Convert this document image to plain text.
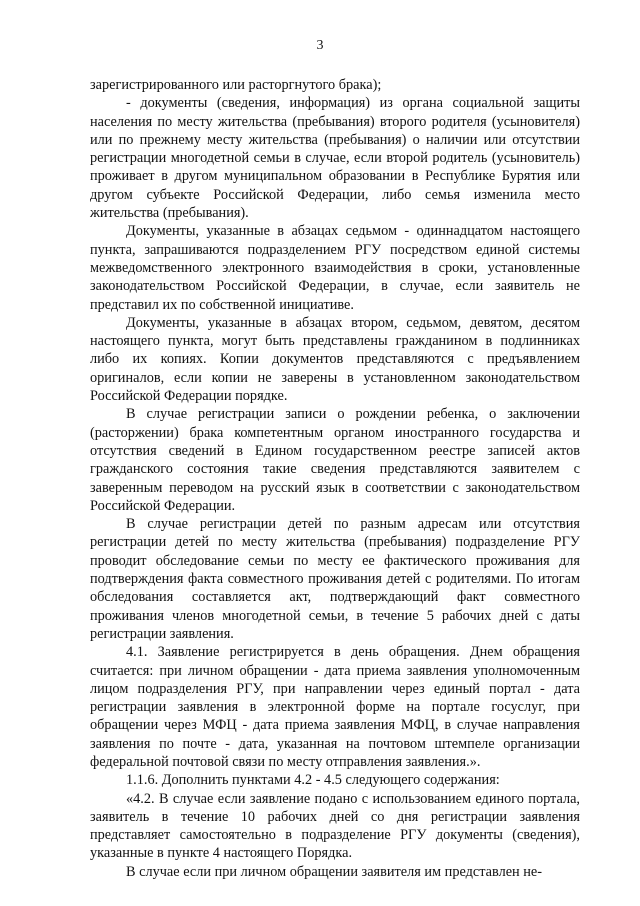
3

зарегистрированного или расторгнутого брака);

- документы (сведения, информация) из органа социальной защиты населения по месту жительства (пребывания) второго родителя (усыновителя) или по прежнему месту жительства (пребывания) о наличии или отсутствии регистрации многодетной семьи в случае, если второй родитель (усыновитель) проживает в другом муниципальном образовании в Республике Бурятия или другом субъекте Российской Федерации, либо семья изменила место жительства (пребывания).

Документы, указанные в абзацах седьмом - одиннадцатом настоящего пункта, запрашиваются подразделением РГУ посредством единой системы межведомственного электронного взаимодействия в сроки, установленные законодательством Российской Федерации, в случае, если заявитель не представил их по собственной инициативе.

Документы, указанные в абзацах втором, седьмом, девятом, десятом настоящего пункта, могут быть представлены гражданином в подлинниках либо их копиях. Копии документов представляются с предъявлением оригиналов, если копии не заверены в установленном законодательством Российской Федерации порядке.

В случае регистрации записи о рождении ребенка, о заключении (расторжении) брака компетентным органом иностранного государства и отсутствия сведений в Едином государственном реестре записей актов гражданского состояния такие сведения представляются заявителем с заверенным переводом на русский язык в соответствии с законодательством Российской Федерации.

В случае регистрации детей по разным адресам или отсутствия регистрации детей по месту жительства (пребывания) подразделение РГУ проводит обследование семьи по месту ее фактического проживания для подтверждения факта совместного проживания детей с родителями. По итогам обследования составляется акт, подтверждающий факт совместного проживания членов многодетной семьи, в течение 5 рабочих дней с даты регистрации заявления.

4.1. Заявление регистрируется в день обращения. Днем обращения считается: при личном обращении - дата приема заявления уполномоченным лицом подразделения РГУ, при направлении через единый портал - дата регистрации заявления в электронной форме на портале госуслуг, при обращении через МФЦ - дата приема заявления МФЦ, в случае направления заявления по почте - дата, указанная на почтовом штемпеле организации федеральной почтовой связи по месту отправления заявления.».

1.1.6. Дополнить пунктами 4.2 - 4.5 следующего содержания:

«4.2. В случае если заявление подано с использованием единого портала, заявитель в течение 10 рабочих дней со дня регистрации заявления представляет самостоятельно в подразделение РГУ документы (сведения), указанные в пункте 4 настоящего Порядка.

В случае если при личном обращении заявителя им представлен не-
